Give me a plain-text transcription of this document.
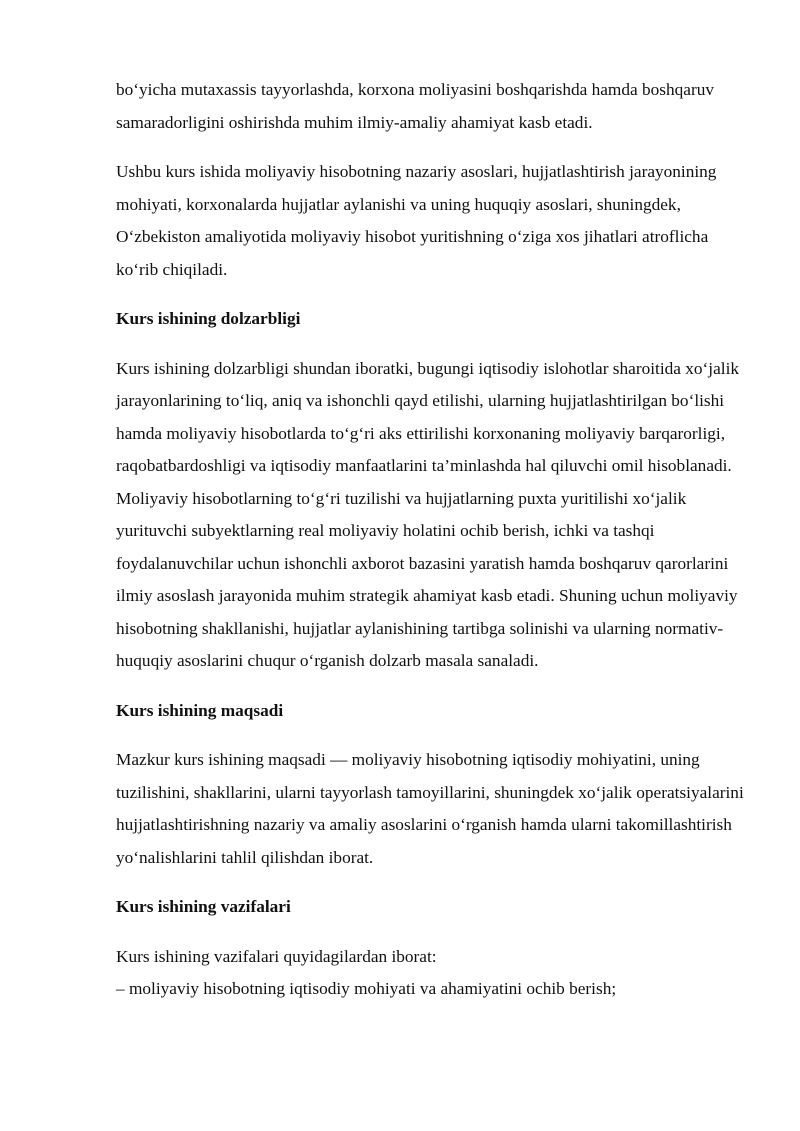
bo‘yicha mutaxassis tayyorlashda, korxona moliyasini boshqarishda hamda boshqaruv samaradorligini oshirishda muhim ilmiy-amaliy ahamiyat kasb etadi.

Ushbu kurs ishida moliyaviy hisobotning nazariy asoslari, hujjatlashtirish jarayonining mohiyati, korxonalarda hujjatlar aylanishi va uning huquqiy asoslari, shuningdek, O‘zbekiston amaliyotida moliyaviy hisobot yuritishning o‘ziga xos jihatlari atroflicha ko‘rib chiqiladi.

Kurs ishining dolzarbligi

Kurs ishining dolzarbligi shundan iboratki, bugungi iqtisodiy islohotlar sharoitida xo‘jalik jarayonlarining to‘liq, aniq va ishonchli qayd etilishi, ularning hujjatlashtirilgan bo‘lishi hamda moliyaviy hisobotlarda to‘g‘ri aks ettirilishi korxonaning moliyaviy barqarorligi, raqobatbardoshligi va iqtisodiy manfaatlarini ta’minlashda hal qiluvchi omil hisoblanadi. Moliyaviy hisobotlarning to‘g‘ri tuzilishi va hujjatlarning puxta yuritilishi xo‘jalik yurituvchi subyektlarning real moliyaviy holatini ochib berish, ichki va tashqi foydalanuvchilar uchun ishonchli axborot bazasini yaratish hamda boshqaruv qarorlarini ilmiy asoslash jarayonida muhim strategik ahamiyat kasb etadi. Shuning uchun moliyaviy hisobotning shakllanishi, hujjatlar aylanishining tartibga solinishi va ularning normativ-huquqiy asoslarini chuqur o‘rganish dolzarb masala sanaladi.

Kurs ishining maqsadi

Mazkur kurs ishining maqsadi — moliyaviy hisobotning iqtisodiy mohiyatini, uning tuzilishini, shakllarini, ularni tayyorlash tamoyillarini, shuningdek xo‘jalik operatsiyalarini hujjatlashtirishning nazariy va amaliy asoslarini o‘rganish hamda ularni takomillashtirish yo‘nalishlarini tahlil qilishdan iborat.

Kurs ishining vazifalari
Kurs ishining vazifalari quyidagilardan iborat:
– moliyaviy hisobotning iqtisodiy mohiyati va ahamiyatini ochib berish;
